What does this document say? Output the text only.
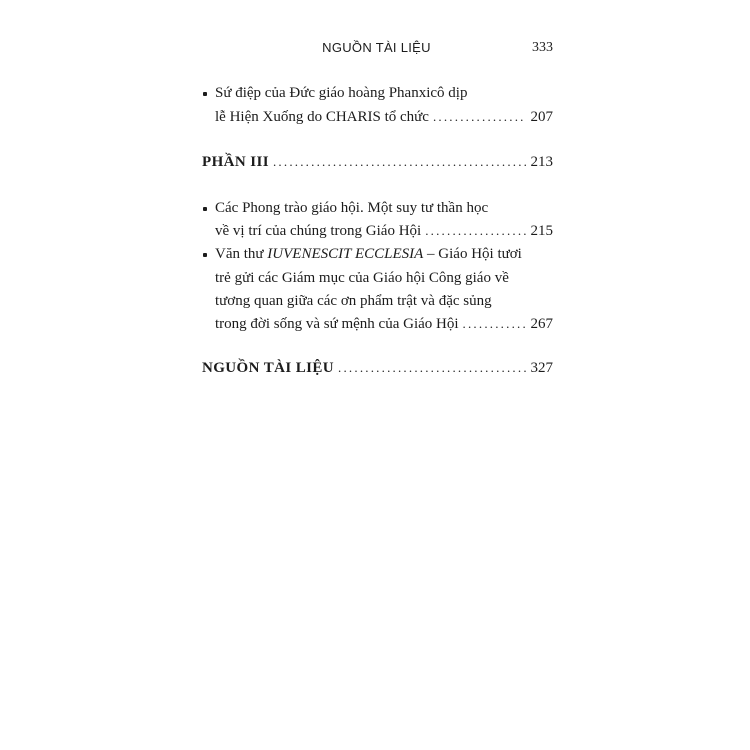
NGUỒN TÀI LIỆU	333
Sứ điệp của Đức giáo hoàng Phanxicô dịp
lễ Hiện Xuống do CHARIS tổ chức .....	207
PHẦN III .....	213
Các Phong trào giáo hội. Một suy tư thần học
về vị trí của chúng trong Giáo Hội .....	215
Văn thư IUVENESCIT ECCLESIA – Giáo Hội tươi
trẻ gửi các Giám mục của Giáo hội Công giáo về
tương quan giữa các ơn phẩm trật và đặc sủng
trong đời sống và sứ mệnh của Giáo Hội .....	267
NGUỒN TÀI LIỆU .....	327
